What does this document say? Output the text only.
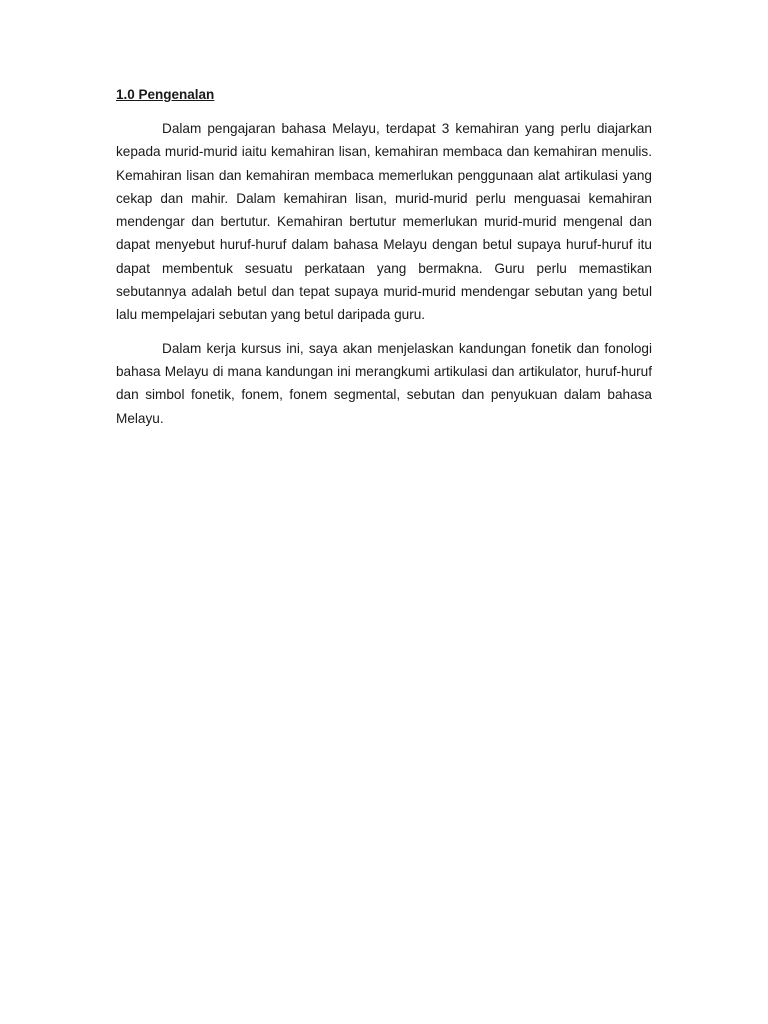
1.0 Pengenalan

Dalam pengajaran bahasa Melayu, terdapat 3 kemahiran yang perlu diajarkan kepada murid-murid iaitu kemahiran lisan, kemahiran membaca dan kemahiran menulis. Kemahiran lisan dan kemahiran membaca memerlukan penggunaan alat artikulasi yang cekap dan mahir. Dalam kemahiran lisan, murid-murid perlu menguasai kemahiran mendengar dan bertutur. Kemahiran bertutur memerlukan murid-murid mengenal dan dapat menyebut huruf-huruf dalam bahasa Melayu dengan betul supaya huruf-huruf itu dapat membentuk sesuatu perkataan yang bermakna. Guru perlu memastikan sebutannya adalah betul dan tepat supaya murid-murid mendengar sebutan yang betul lalu mempelajari sebutan yang betul daripada guru.

Dalam kerja kursus ini, saya akan menjelaskan kandungan fonetik dan fonologi bahasa Melayu di mana kandungan ini merangkumi artikulasi dan artikulator, huruf-huruf dan simbol fonetik, fonem, fonem segmental, sebutan dan penyukuan dalam bahasa Melayu.
